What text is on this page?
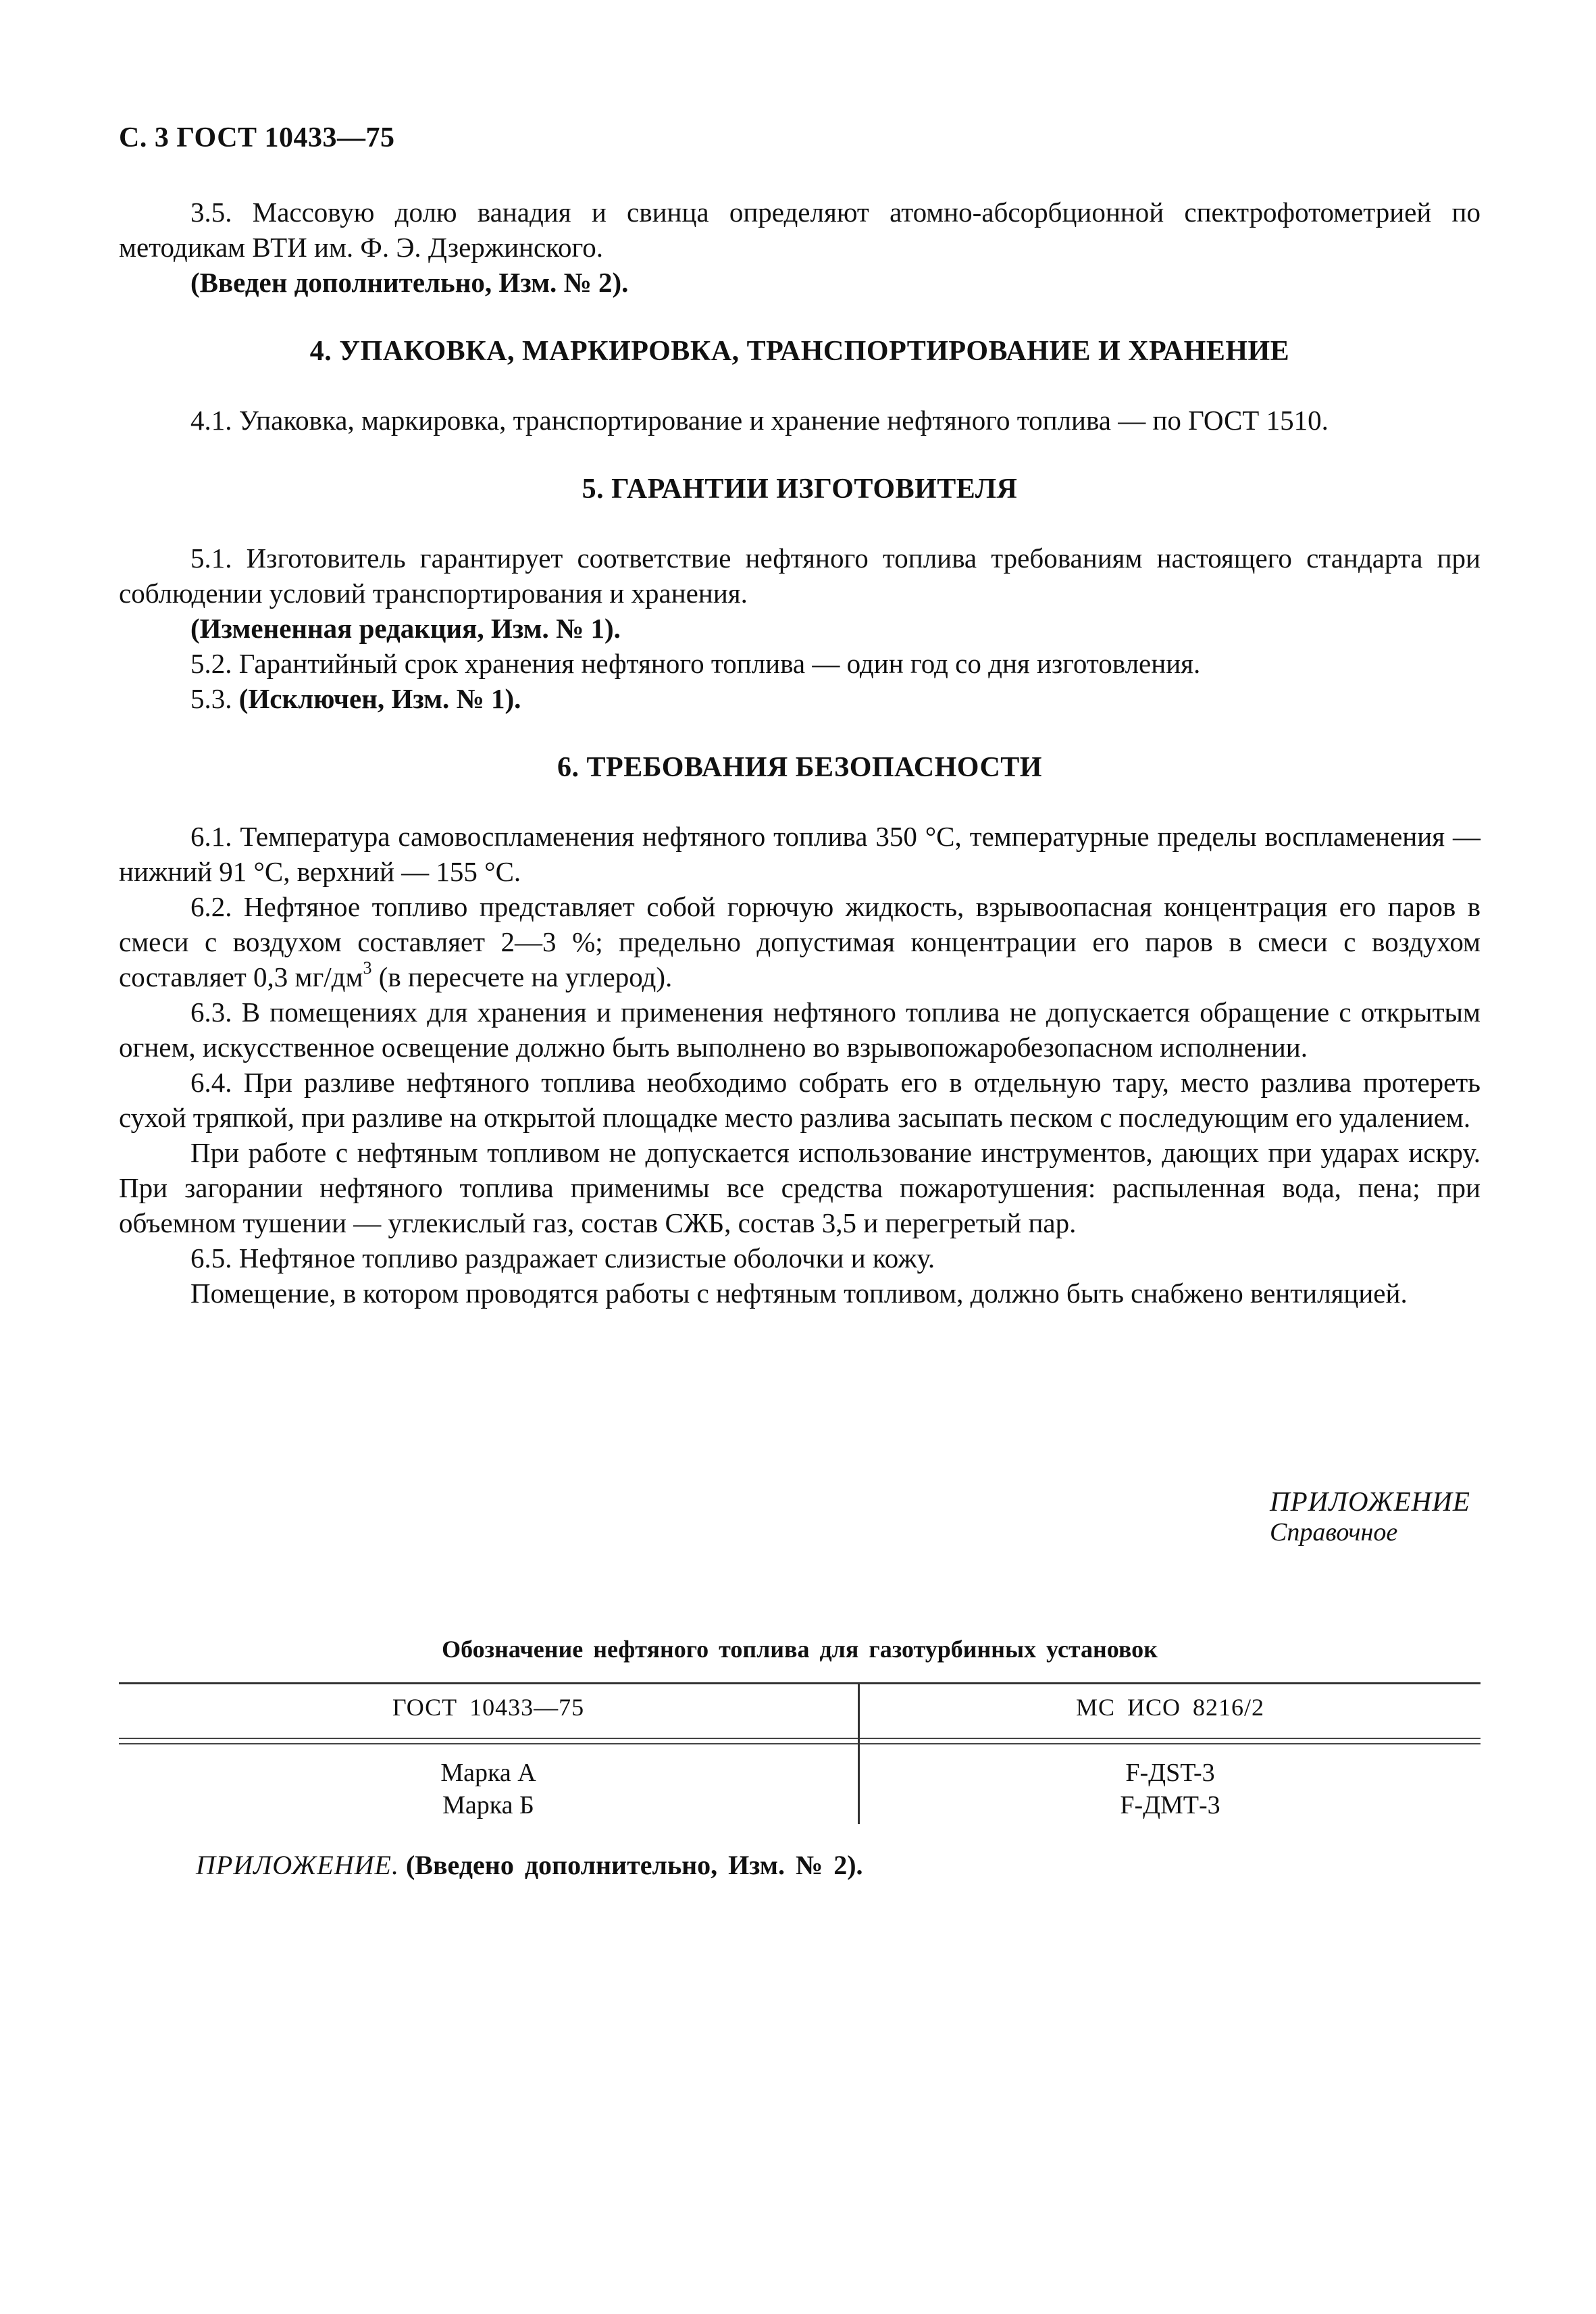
С. 3 ГОСТ 10433—75

3.5. Массовую долю ванадия и свинца определяют атомно-абсорбционной спектрофотометрией по методикам ВТИ им. Ф. Э. Дзержинского.

(Введен дополнительно, Изм. № 2).

4. УПАКОВКА, МАРКИРОВКА, ТРАНСПОРТИРОВАНИЕ И ХРАНЕНИЕ

4.1. Упаковка, маркировка, транспортирование и хранение нефтяного топлива — по ГОСТ 1510.

5. ГАРАНТИИ ИЗГОТОВИТЕЛЯ

5.1. Изготовитель гарантирует соответствие нефтяного топлива требованиям настоящего стандарта при соблюдении условий транспортирования и хранения.

(Измененная редакция, Изм. № 1).

5.2. Гарантийный срок хранения нефтяного топлива — один год со дня изготовления.

5.3. (Исключен, Изм. № 1).

6. ТРЕБОВАНИЯ БЕЗОПАСНОСТИ

6.1. Температура самовоспламенения нефтяного топлива 350 °С, температурные пределы воспламенения — нижний 91 °С, верхний — 155 °С.

6.2. Нефтяное топливо представляет собой горючую жидкость, взрывоопасная концентрация его паров в смеси с воздухом составляет 2—3 %; предельно допустимая концентрации его паров в смеси с воздухом составляет 0,3 $мг/дм^3$ (в пересчете на углерод).

6.3. В помещениях для хранения и применения нефтяного топлива не допускается обращение с открытым огнем, искусственное освещение должно быть выполнено во взрывопожаробезопасном исполнении.

6.4. При разливе нефтяного топлива необходимо собрать его в отдельную тару, место разлива протереть сухой тряпкой, при разливе на открытой площадке место разлива засыпать песком с последующим его удалением.

При работе с нефтяным топливом не допускается использование инструментов, дающих при ударах искру. При загорании нефтяного топлива применимы все средства пожаротушения: распыленная вода, пена; при объемном тушении — углекислый газ, состав СЖБ, состав 3,5 и перегретый пар.

6.5. Нефтяное топливо раздражает слизистые оболочки и кожу.

Помещение, в котором проводятся работы с нефтяным топливом, должно быть снабжено вентиляцией.

ПРИЛОЖЕНИЕ
Справочное
Обозначение нефтяного топлива для газотурбинных установок
ГОСТ 10433—75	МС ИСО 8216/2
Марка А
Марка Б
F-ДST-3
F-ДМТ-3
ПРИЛОЖЕНИЕ. (Введено дополнительно, Изм. № 2).
